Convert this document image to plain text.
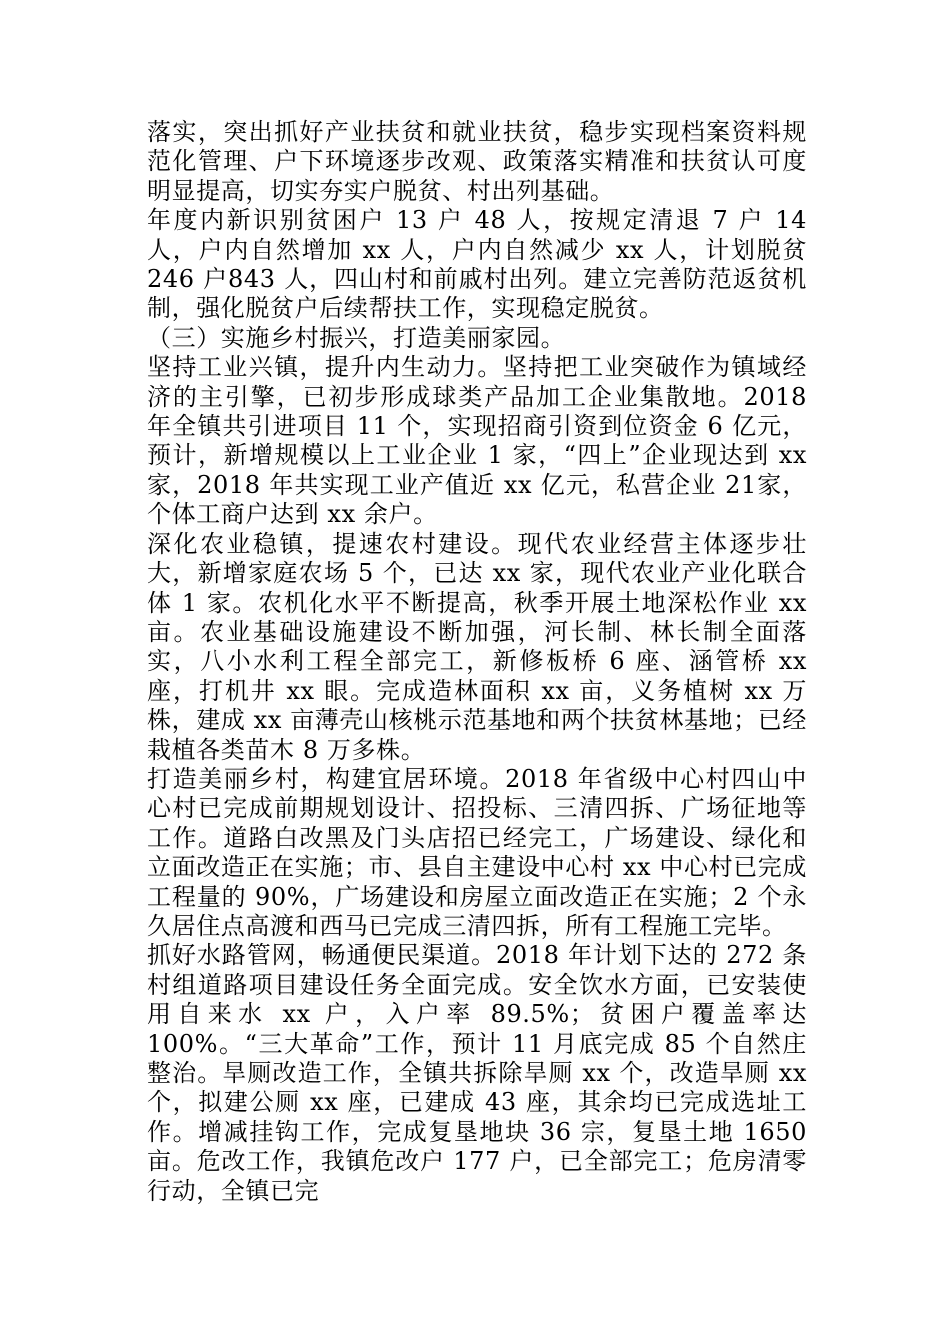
落实，突出抓好产业扶贫和就业扶贫，稳步实现档案资料规范化管理、户下环境逐步改观、政策落实精准和扶贫认可度明显提高，切实夯实户脱贫、村出列基础。

年度内新识别贫困户 13 户 48 人，按规定清退 7 户 14 人，户内自然增加 xx 人，户内自然减少 xx 人，计划脱贫 246 户843 人，四山村和前戚村出列。建立完善防范返贫机制，强化脱贫户后续帮扶工作，实现稳定脱贫。

（三）实施乡村振兴，打造美丽家园。

坚持工业兴镇，提升内生动力。坚持把工业突破作为镇域经济的主引擎，已初步形成球类产品加工企业集散地。2018 年全镇共引进项目 11 个，实现招商引资到位资金 6 亿元，预计，新增规模以上工业企业 1 家，“四上”企业现达到 xx 家，2018 年共实现工业产值近 xx 亿元，私营企业 21家，个体工商户达到 xx 余户。

深化农业稳镇，提速农村建设。现代农业经营主体逐步壮大，新增家庭农场 5 个，已达 xx 家，现代农业产业化联合体 1 家。农机化水平不断提高，秋季开展土地深松作业 xx亩。农业基础设施建设不断加强，河长制、林长制全面落实，八小水利工程全部完工，新修板桥 6 座、涵管桥 xx 座，打机井 xx 眼。完成造林面积 xx 亩，义务植树 xx 万株，建成 xx 亩薄壳山核桃示范基地和两个扶贫林基地；已经栽植各类苗木 8 万多株。

打造美丽乡村，构建宜居环境。2018 年省级中心村四山中心村已完成前期规划设计、招投标、三清四拆、广场征地等工作。道路白改黑及门头店招已经完工，广场建设、绿化和立面改造正在实施；市、县自主建设中心村 xx 中心村已完成工程量的 90%，广场建设和房屋立面改造正在实施；2 个永久居住点高渡和西马已完成三清四拆，所有工程施工完毕。

抓好水路管网，畅通便民渠道。2018 年计划下达的 272 条村组道路项目建设任务全面完成。安全饮水方面，已安装使用自来水 xx 户，入户率 89.5%；贫困户覆盖率达 100%。“三大革命”工作，预计 11 月底完成 85 个自然庄整治。旱厕改造工作，全镇共拆除旱厕 xx 个，改造旱厕 xx 个，拟建公厕 xx 座，已建成 43 座，其余均已完成选址工作。增减挂钩工作，完成复垦地块 36 宗，复垦土地 1650 亩。危改工作，我镇危改户 177 户，已全部完工；危房清零行动，全镇已完
